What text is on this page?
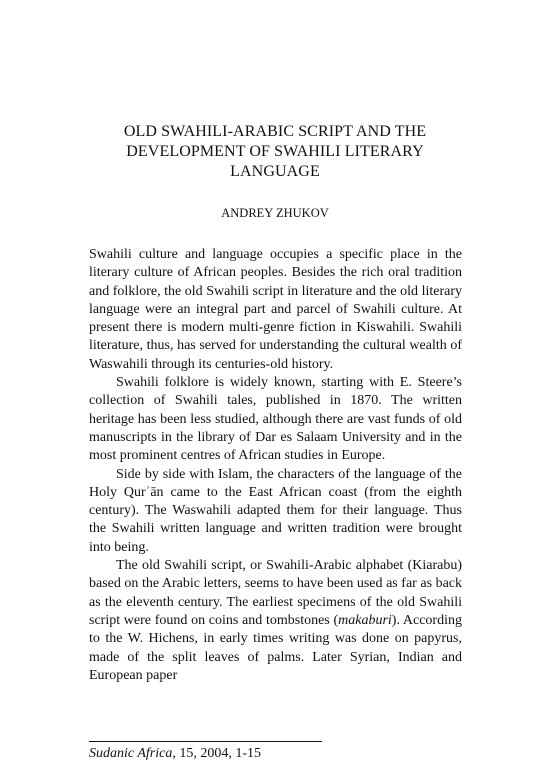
OLD SWAHILI-ARABIC SCRIPT AND THE
DEVELOPMENT OF SWAHILI LITERARY
LANGUAGE
ANDREY ZHUKOV

Swahili culture and language occupies a specific place in the literary culture of African peoples. Besides the rich oral tradition and folklore, the old Swahili script in literature and the old literary language were an integral part and parcel of Swahili culture. At present there is modern multi-genre fiction in Kiswahili. Swahili literature, thus, has served for understanding the cultural wealth of Waswahili through its centuries-old history.

Swahili folklore is widely known, starting with E. Steere’s collection of Swahili tales, published in 1870. The written heritage has been less studied, although there are vast funds of old manuscripts in the library of Dar es Salaam University and in the most prominent centres of African studies in Europe.

Side by side with Islam, the characters of the language of the Holy Qurʾān came to the East African coast (from the eighth century). The Waswahili adapted them for their language. Thus the Swahili written language and written tradition were brought into being.

The old Swahili script, or Swahili-Arabic alphabet (Kiarabu) based on the Arabic letters, seems to have been used as far as back as the eleventh century. The earliest specimens of the old Swahili script were found on coins and tombstones (makaburi). According to the W. Hichens, in early times writing was done on papyrus, made of the split leaves of palms. Later Syrian, Indian and European paper

Sudanic Africa, 15, 2004, 1-15
